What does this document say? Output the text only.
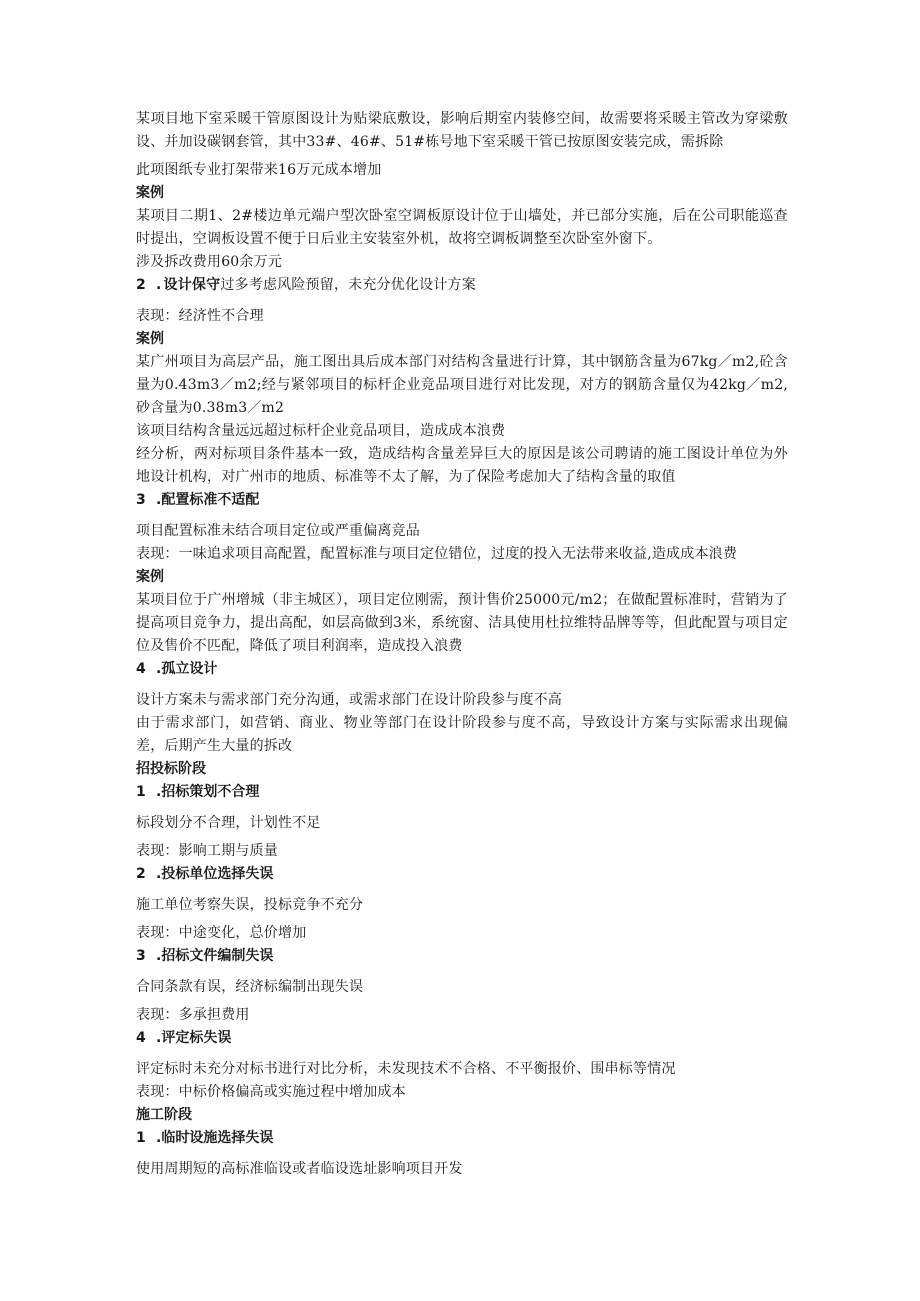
某项目地下室采暖干管原图设计为贴梁底敷设，影响后期室内装修空间，故需要将采暖主管改为穿梁敷设、并加设碳钢套管，其中33#、46#、51#栋号地下室采暖干管已按原图安装完成，需拆除

此项图纸专业打架带来16万元成本增加

案例

某项目二期1、2#楼边单元端户型次卧室空调板原设计位于山墙处，并已部分实施，后在公司职能巡查时提出，空调板设置不便于日后业主安装室外机，故将空调板调整至次卧室外窗下。

涉及拆改费用60余万元

2 . 设计保守过多考虑风险预留，未充分优化设计方案

表现：经济性不合理

案例

某广州项目为高层产品，施工图出具后成本部门对结构含量进行计算，其中钢筋含量为67kg／m2,砼含量为0.43m3／m2;经与紧邻项目的标杆企业竞品项目进行对比发现，对方的钢筋含量仅为42kg／m2,砂含量为0.38m3／m2

该项目结构含量远远超过标杆企业竞品项目，造成成本浪费

经分析，两对标项目条件基本一致，造成结构含量差异巨大的原因是该公司聘请的施工图设计单位为外地设计机构，对广州市的地质、标准等不太了解，为了保险考虑加大了结构含量的取值

3 .配置标准不适配

项目配置标准未结合项目定位或严重偏离竞品

表现：一味追求项目高配置，配置标准与项目定位错位，过度的投入无法带来收益,造成成本浪费

案例

某项目位于广州增城（非主城区），项目定位刚需，预计售价25000元/m2；在做配置标准时，营销为了提高项目竞争力，提出高配，如层高做到3米，系统窗、洁具使用杜拉维特品牌等等，但此配置与项目定位及售价不匹配，降低了项目利润率，造成投入浪费

4 .孤立设计

设计方案未与需求部门充分沟通，或需求部门在设计阶段参与度不高

由于需求部门，如营销、商业、物业等部门在设计阶段参与度不高，导致设计方案与实际需求出现偏差，后期产生大量的拆改

招投标阶段

1 .招标策划不合理

标段划分不合理，计划性不足

表现：影响工期与质量

2 .投标单位选择失误

施工单位考察失误，投标竞争不充分

表现：中途变化，总价增加

3 .招标文件编制失误

合同条款有误，经济标编制出现失误

表现：多承担费用

4 .评定标失误

评定标时未充分对标书进行对比分析，未发现技术不合格、不平衡报价、围串标等情况

表现：中标价格偏高或实施过程中增加成本

施工阶段

1 .临时设施选择失误

使用周期短的高标准临设或者临设选址影响项目开发
